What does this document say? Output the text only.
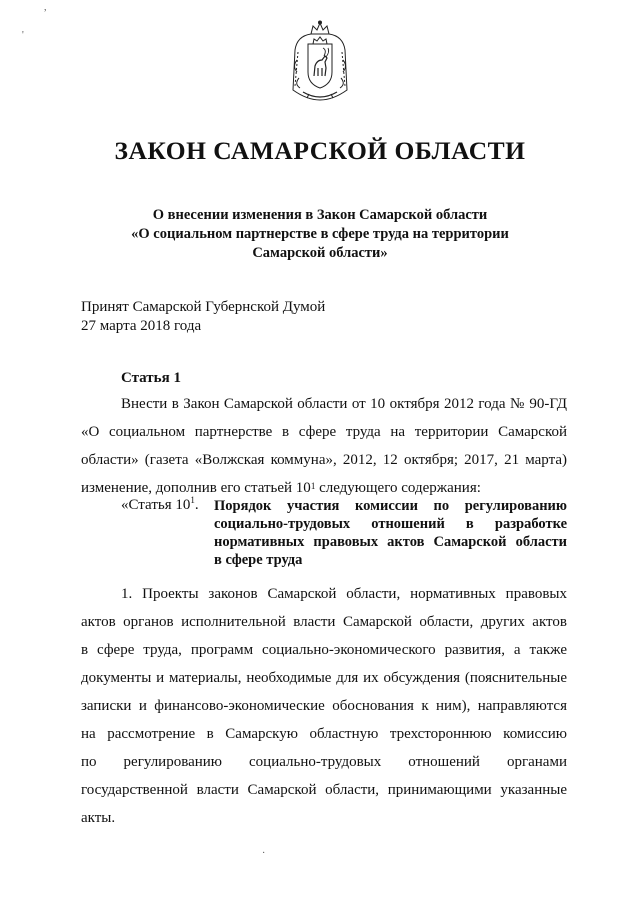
,
'
ЗАКОН САМАРСКОЙ ОБЛАСТИ
О внесении изменения в Закон Самарской области
«О социальном партнерстве в сфере труда на территории
Самарской области»
Принят Самарской Губернской Думой
27 марта 2018 года
Статья 1
Внести в Закон Самарской области от 10 октября 2012 года № 90-ГД
«О социальном партнерстве в сфере труда на территории Самарской
области» (газета «Волжская коммуна», 2012, 12 октября; 2017, 21 марта)
изменение, дополнив его статьей $10^1$ следующего содержания:
«Статья $10^1$. Порядок участия комиссии по регулированию
социально-трудовых отношений в разработке
нормативных правовых актов Самарской области
в сфере труда
1. Проекты законов Самарской области, нормативных правовых
актов органов исполнительной власти Самарской области, других актов
в сфере труда, программ социально-экономического развития, а также
документы и материалы, необходимые для их обсуждения (пояснительные
записки и финансово-экономические обоснования к ним), направляются
на рассмотрение в Самарскую областную трехстороннюю комиссию
по регулированию социально-трудовых отношений органами
государственной власти Самарской области, принимающими указанные
акты.
·
